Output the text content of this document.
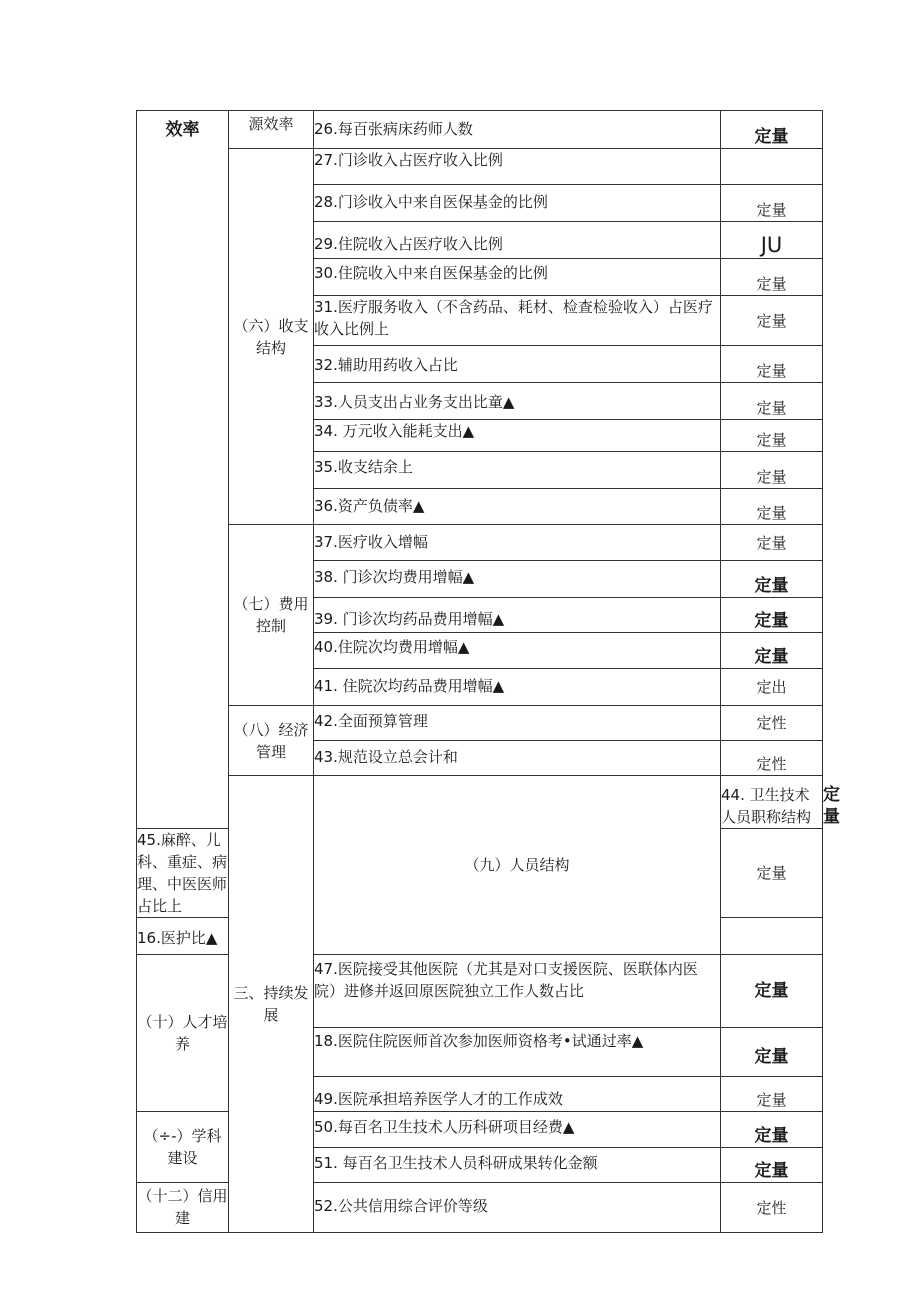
效率	源效率	26.每百张病床药师人数	定量	
	（六）收支结构	27.门诊收入占医疗收入比例		

		28.门诊收入中来自医保基金的比例	定量	

		29.住院收入占医疗收入比例	JU	

		30.住院收入中来自医保基金的比例	定量	

		31.医疗服务收入（不含药品、耗材、检查检验收入）占医疗收入比例上	定量	

		32.辅助用药收入占比	定量	

		33.人员支出占业务支出比童▲	定量	

		34. 万元收入能耗支出▲	定量	

		35.收支结余上	定量	

		36.资产负债率▲	定量	
	（七）费用控制	37.医疗收入增幅	定量	

		38. 门诊次均费用增幅▲	定量	

		39. 门诊次均药品费用增幅▲	定量	

		40.住院次均费用增幅▲	定量	

		41. 住院次均药品费用增幅▲	定出	
	（八）经济管理	42.全面预算管理	定性	

		43.规范设立总会计和	定性	
	三、持续发展	（九）人员结构	44. 卫生技术人员职称结构	定量

45.麻醉、儿科、重症、病理、中医医师占比上			定量	

16.医护比▲				

（十）人才培养		47.医院接受其他医院（尤其是对口支援医院、医联体内医院）进修并返回原医院独立工作人数占比	定量	

		18.医院住院医师首次参加医师资格考•试通过率▲	定量	

		49.医院承担培养医学人才的工作成效	定量	
（÷-）学科建设		50.每百名卫生技术人历科研项目经费▲	定量	

		51. 每百名卫生技术人员科研成果转化金额	定量	

（十二）信用建		52.公共信用综合评价等级	定性	
